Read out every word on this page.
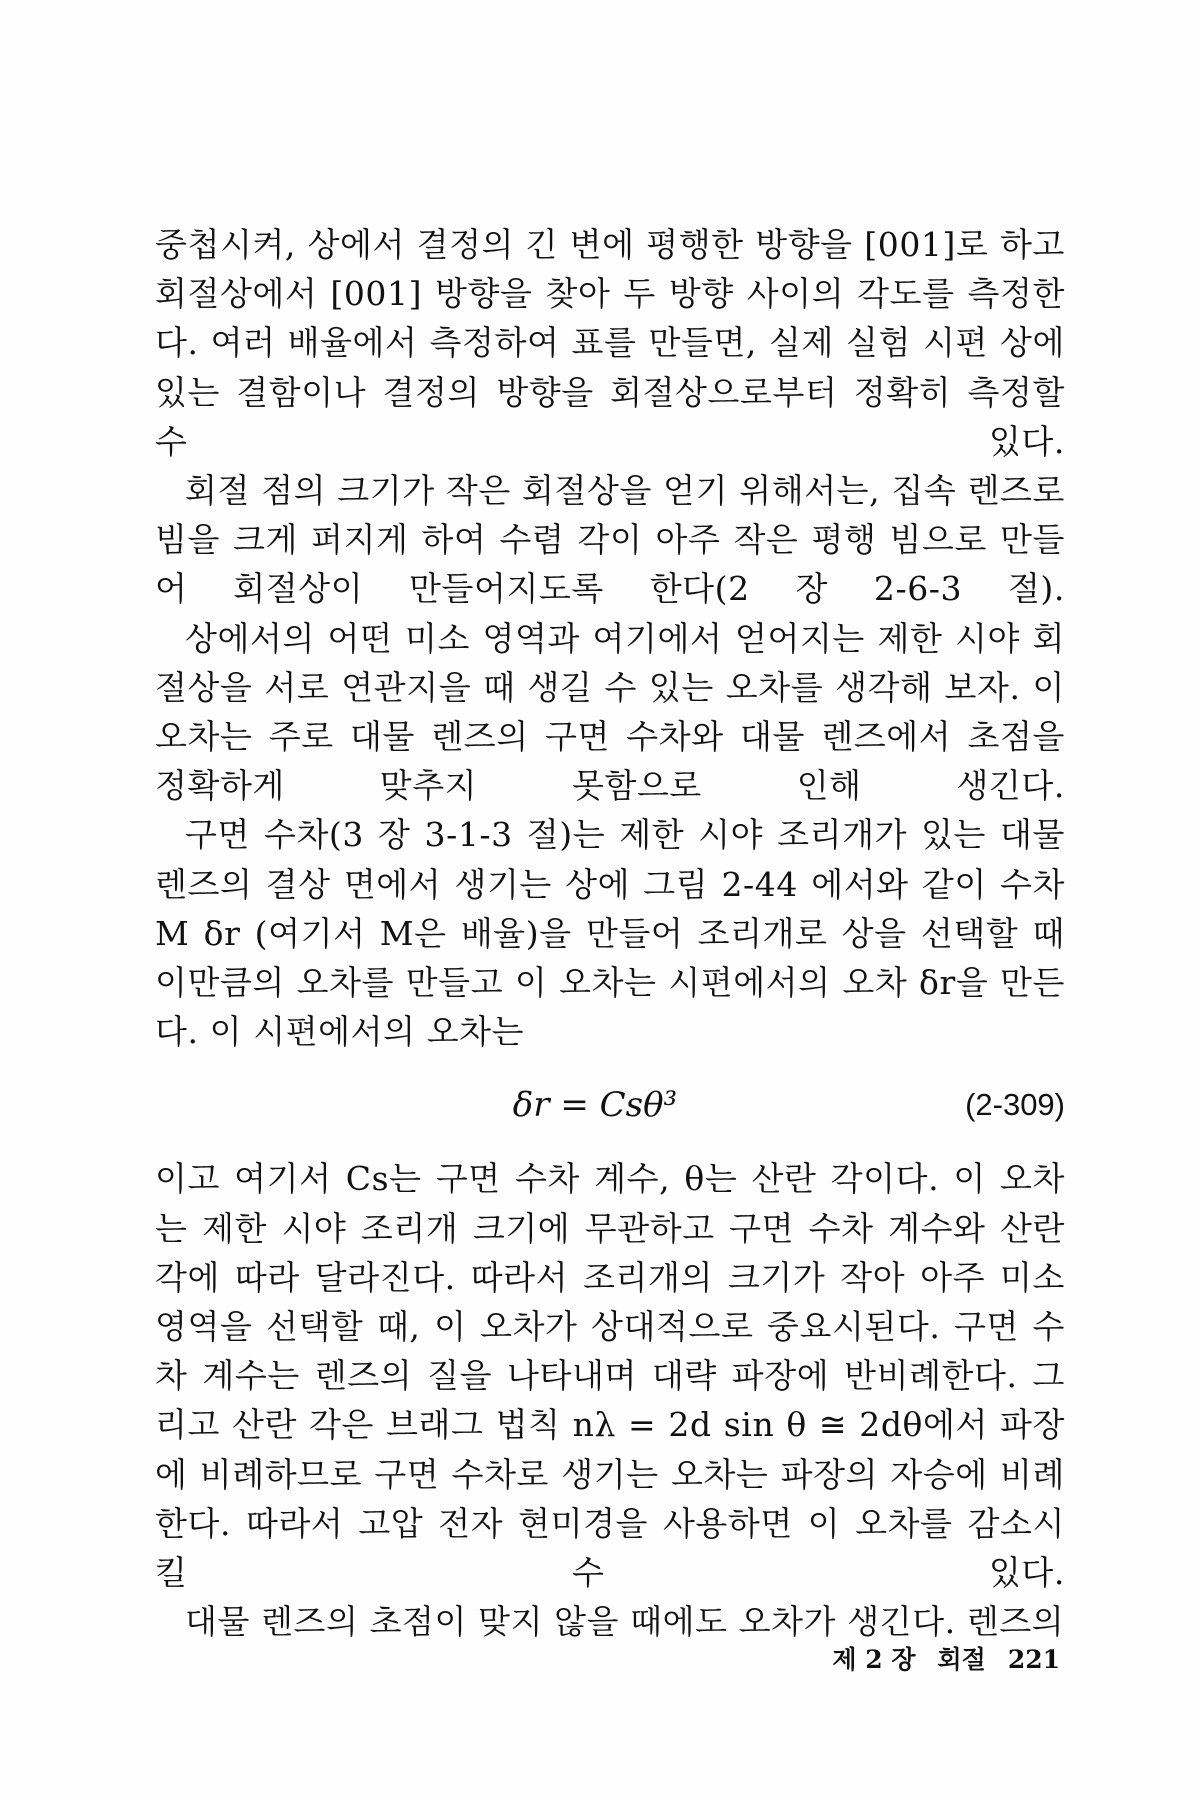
중첩시켜, 상에서 결정의 긴 변에 평행한 방향을 [001]로 하고 회절상에서 [001] 방향을 찾아 두 방향 사이의 각도를 측정한다. 여러 배율에서 측정하여 표를 만들면, 실제 실험 시편 상에 있는 결함이나 결정의 방향을 회절상으로부터 정확히 측정할 수 있다.

회절 점의 크기가 작은 회절상을 얻기 위해서는, 집속 렌즈로 빔을 크게 퍼지게 하여 수렴 각이 아주 작은 평행 빔으로 만들어 회절상이 만들어지도록 한다(2 장 2-6-3 절).

상에서의 어떤 미소 영역과 여기에서 얻어지는 제한 시야 회절상을 서로 연관지을 때 생길 수 있는 오차를 생각해 보자. 이 오차는 주로 대물 렌즈의 구면 수차와 대물 렌즈에서 초점을 정확하게 맞추지 못함으로 인해 생긴다.

구면 수차(3 장 3-1-3 절)는 제한 시야 조리개가 있는 대물 렌즈의 결상 면에서 생기는 상에 그림 2-44 에서와 같이 수차 M δr (여기서 M은 배율)을 만들어 조리개로 상을 선택할 때 이만큼의 오차를 만들고 이 오차는 시편에서의 오차 δr을 만든다. 이 시편에서의 오차는

δr = Csθ³	(2-309)

이고 여기서 Cs는 구면 수차 계수, θ는 산란 각이다. 이 오차는 제한 시야 조리개 크기에 무관하고 구면 수차 계수와 산란 각에 따라 달라진다. 따라서 조리개의 크기가 작아 아주 미소 영역을 선택할 때, 이 오차가 상대적으로 중요시된다. 구면 수차 계수는 렌즈의 질을 나타내며 대략 파장에 반비례한다. 그리고 산란 각은 브래그 법칙 nλ = 2d sin θ ≅ 2dθ에서 파장에 비례하므로 구면 수차로 생기는 오차는 파장의 자승에 비례한다. 따라서 고압 전자 현미경을 사용하면 이 오차를 감소시킬 수 있다.

대물 렌즈의 초점이 맞지 않을 때에도 오차가 생긴다. 렌즈의

제 2 장 회절 221
